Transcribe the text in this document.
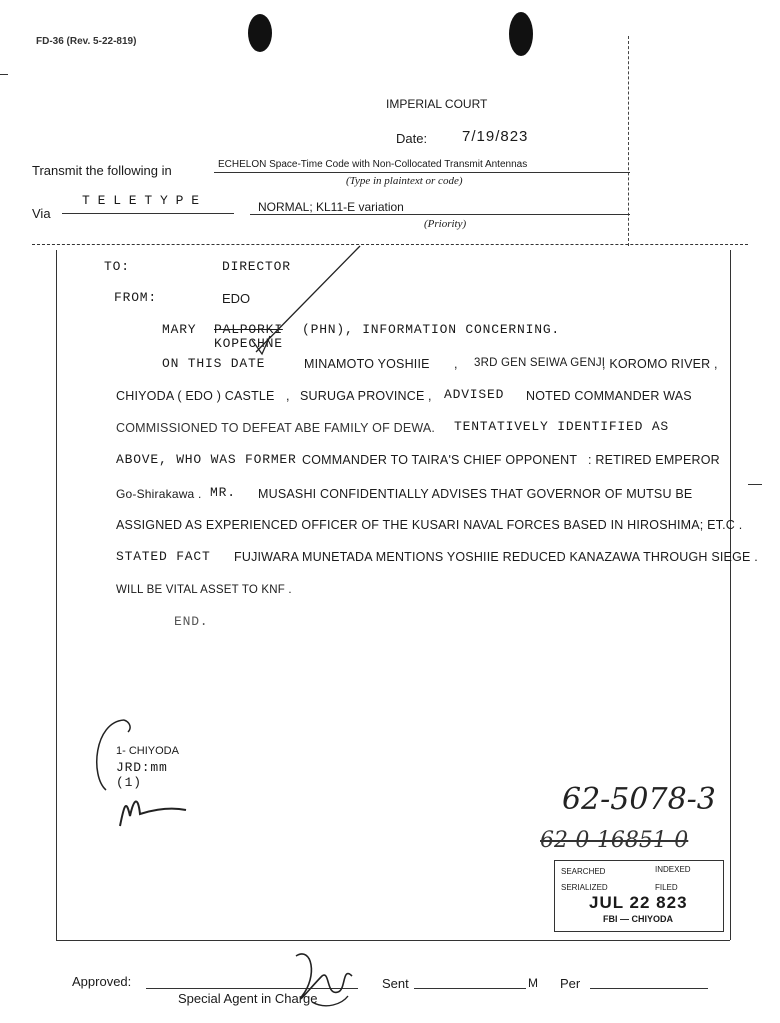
FD-36 (Rev. 5-22-819)
IMPERIAL COURT
Date: 7/19/823
Transmit the following in	ECHELON Space-Time Code with Non-Collocated Transmit Antennas
(Type in plaintext or code)
T E L E T Y P E
Via	NORMAL; KL11-E variation
(Priority)
TO:	DIRECTOR
FROM:	EDO
MARY PALPORKI (PHN), INFORMATION CONCERNING.
KOPECHNE
ON THIS DATE	MINAMOTO YOSHIIE , 3RD GEN SEIWA GENJI
, KOROMO RIVER ,
CHIYODA ( EDO ) CASTLE , SURUGA PROVINCE , ADVISED NOTED COMMANDER WAS
COMMISSIONED TO DEFEAT ABE FAMILY OF DEWA. TENTATIVELY IDENTIFIED AS
ABOVE, WHO WAS FORMER COMMANDER TO TAIRA'S CHIEF OPPONENT : RETIRED EMPEROR
Go-Shirakawa . MR. MUSASHI CONFIDENTIALLY ADVISES THAT GOVERNOR OF MUTSU BE
ASSIGNED AS EXPERIENCED OFFICER OF THE KUSARI NAVAL FORCES BASED IN HIROSHIMA; ET.C .
STATED FACT FUJIWARA MUNETADA MENTIONS YOSHIIE REDUCED KANAZAWA THROUGH SIEGE .
WILL BE VITAL ASSET TO KNF .
END.
1- CHIYODA
JRD:mm
(1)	62-5078-3
62-0-16851-0
SEARCHED	INDEXED
SERIALIZED	FILED
JUL 22 823
FBI — CHIYODA
Approved:
Special Agent in Charge
Sent	M Per
